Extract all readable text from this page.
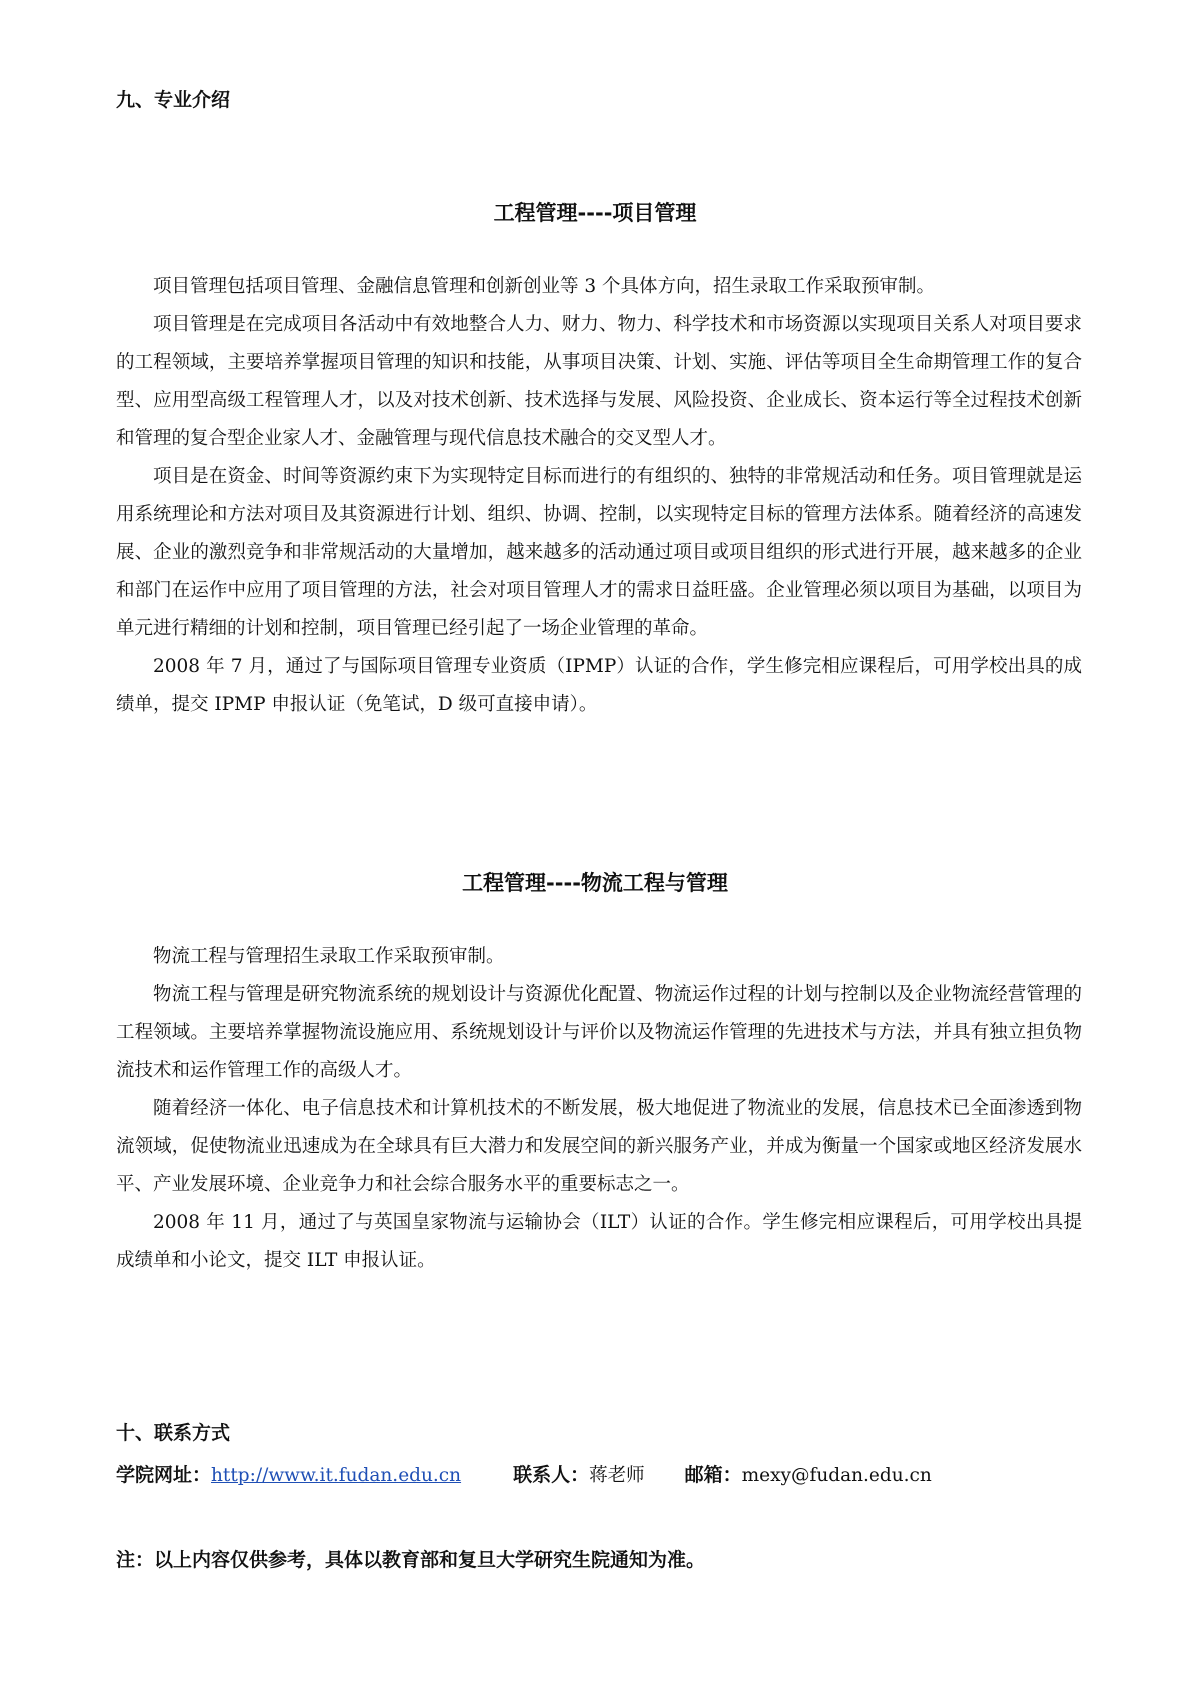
九、专业介绍
工程管理----项目管理

项目管理包括项目管理、金融信息管理和创新创业等 3 个具体方向，招生录取工作采取预审制。

项目管理是在完成项目各活动中有效地整合人力、财力、物力、科学技术和市场资源以实现项目关系人对项目要求的工程领域，主要培养掌握项目管理的知识和技能，从事项目决策、计划、实施、评估等项目全生命期管理工作的复合型、应用型高级工程管理人才，以及对技术创新、技术选择与发展、风险投资、企业成长、资本运行等全过程技术创新和管理的复合型企业家人才、金融管理与现代信息技术融合的交叉型人才。

项目是在资金、时间等资源约束下为实现特定目标而进行的有组织的、独特的非常规活动和任务。项目管理就是运用系统理论和方法对项目及其资源进行计划、组织、协调、控制，以实现特定目标的管理方法体系。随着经济的高速发展、企业的激烈竞争和非常规活动的大量增加，越来越多的活动通过项目或项目组织的形式进行开展，越来越多的企业和部门在运作中应用了项目管理的方法，社会对项目管理人才的需求日益旺盛。企业管理必须以项目为基础，以项目为单元进行精细的计划和控制，项目管理已经引起了一场企业管理的革命。

2008 年 7 月，通过了与国际项目管理专业资质（IPMP）认证的合作，学生修完相应课程后，可用学校出具的成绩单，提交 IPMP 申报认证（免笔试，D 级可直接申请）。

工程管理----物流工程与管理

物流工程与管理招生录取工作采取预审制。

物流工程与管理是研究物流系统的规划设计与资源优化配置、物流运作过程的计划与控制以及企业物流经营管理的工程领域。主要培养掌握物流设施应用、系统规划设计与评价以及物流运作管理的先进技术与方法，并具有独立担负物流技术和运作管理工作的高级人才。

随着经济一体化、电子信息技术和计算机技术的不断发展，极大地促进了物流业的发展，信息技术已全面渗透到物流领域，促使物流业迅速成为在全球具有巨大潜力和发展空间的新兴服务产业，并成为衡量一个国家或地区经济发展水平、产业发展环境、企业竞争力和社会综合服务水平的重要标志之一。

2008 年 11 月，通过了与英国皇家物流与运输协会（ILT）认证的合作。学生修完相应课程后，可用学校出具提成绩单和小论文，提交 ILT 申报认证。

十、联系方式
学院网址：http://www.it.fudan.edu.cn	联系人：蒋老师 邮箱：mexy@fudan.edu.cn

注：以上内容仅供参考，具体以教育部和复旦大学研究生院通知为准。
